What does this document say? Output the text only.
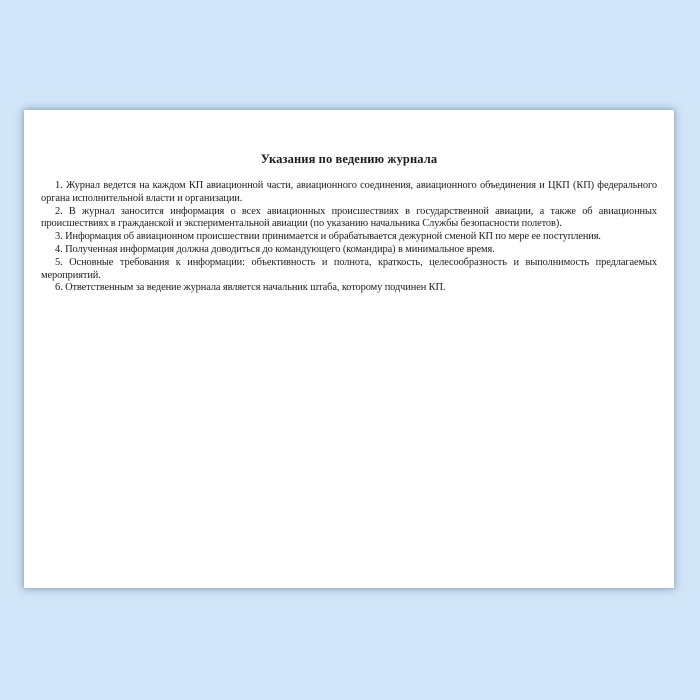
Указания по ведению журнала

1. Журнал ведется на каждом КП авиационной части, авиационного соединения, авиационного объединения и ЦКП (КП) федерального органа исполнительной власти и организации.

2. В журнал заносится информация о всех авиационных происшествиях в государственной авиации, а также об авиационных происшествиях в гражданской и экспериментальной авиации (по указанию начальника Службы безопасности полетов).

3. Информация об авиационном происшествии принимается и обрабатывается дежурной сменой КП по мере ее поступления.

4. Полученная информация должна доводиться до командующего (командира) в минимальное время.

5. Основные требования к информации: объективность и полнота, краткость, целесообразность и выполнимость предлагаемых мероприятий.

6. Ответственным за ведение журнала является начальник штаба, которому подчинен КП.
